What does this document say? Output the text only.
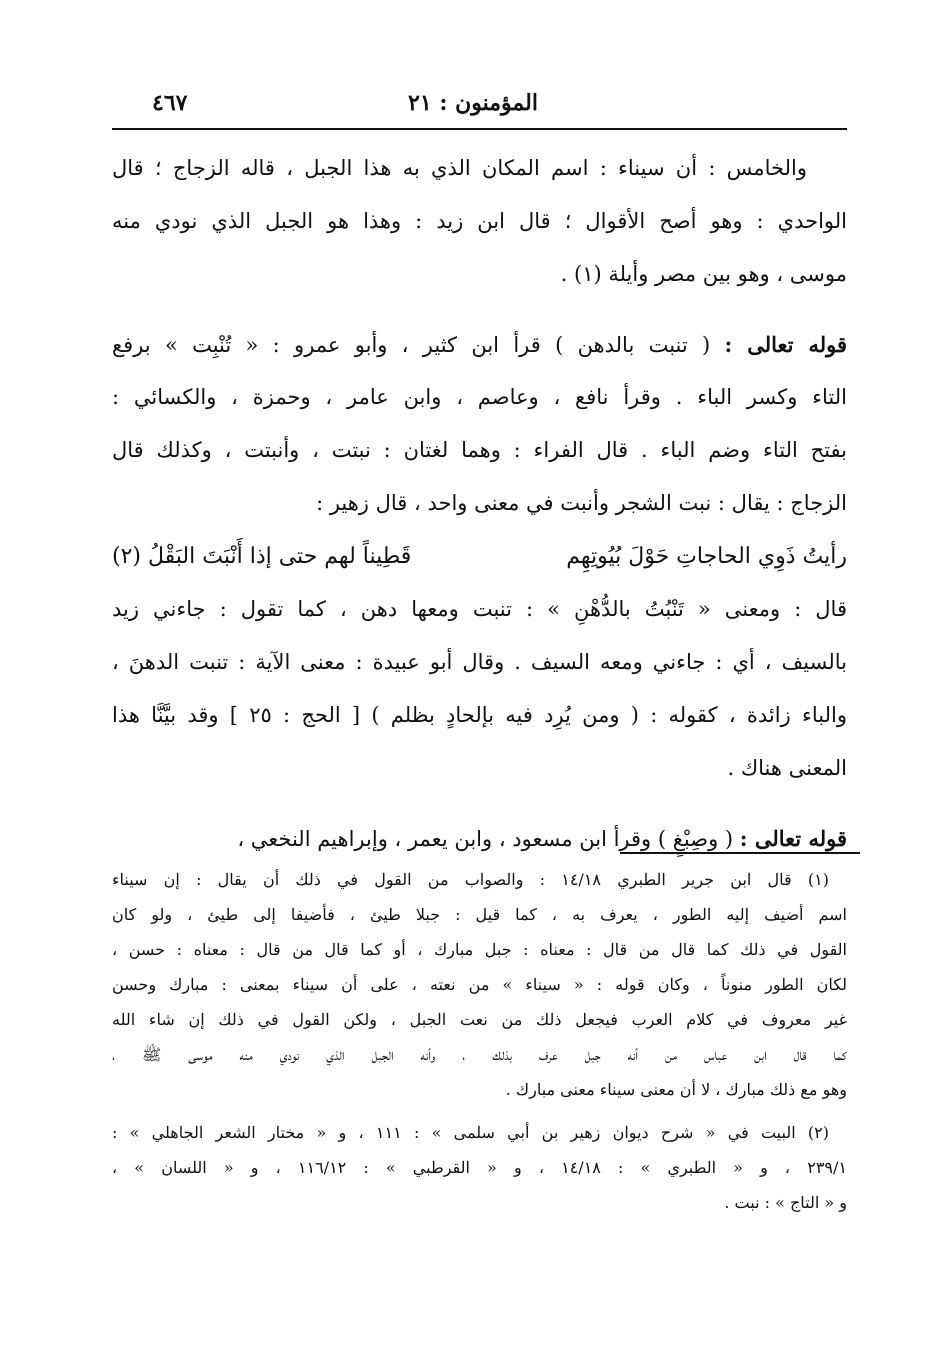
المؤمنون : ٢١
٤٦٧
والخامس : أن سيناء : اسم المكان الذي به هذا الجبل ، قاله الزجاج ؛ قال
الواحدي : وهو أصح الأقوال ؛ قال ابن زيد : وهذا هو الجبل الذي نودي منه
موسى ، وهو بين مصر وأيلة (١) .
قوله تعالى : ( تنبت بالدهن ) قرأ ابن كثير ، وأبو عمرو : « تُنْبِت » برفع
التاء وكسر الباء . وقرأ نافع ، وعاصم ، وابن عامر ، وحمزة ، والكسائي :
بفتح التاء وضم الباء . قال الفراء : وهما لغتان : نبتت ، وأنبتت ، وكذلك قال
الزجاج : يقال : نبت الشجر وأنبت في معنى واحد ، قال زهير :
رأيتُ ذَوِي الحاجاتِ حَوْلَ بُيُوتِهِم
قَطِيناً لهم حتى إذا أَنْبَتَ البَقْلُ (٢)
قال : ومعنى « تَنْبُتُ بالدُّهْنِ » : تنبت ومعها دهن ، كما تقول : جاءني زيد
بالسيف ، أي : جاءني ومعه السيف . وقال أبو عبيدة : معنى الآية : تنبت الدهنَ ،
والباء زائدة ، كقوله : ( ومن يُرِد فيه بإلحادٍ بظلم ) [ الحج : ٢٥ ] وقد بيَّنَّا هذا
المعنى هناك .
قوله تعالى : ( وصِبْغٍ ) وقرأ ابن مسعود ، وابن يعمر ، وإبراهيم النخعي ،
(١) قال ابن جرير الطبري ١٤/١٨ : والصواب من القول في ذلك أن يقال : إن سيناء
اسم أضيف إليه الطور ، يعرف به ، كما قيل : جبلا طيئ ، فأضيفا إلى طيئ ، ولو كان
القول في ذلك كما قال من قال : معناه : جبل مبارك ، أو كما قال من قال : معناه : حسن ،
لكان الطور منوناً ، وكان قوله : « سيناء » من نعته ، على أن سيناء بمعنى : مبارك وحسن
غير معروف في كلام العرب فيجعل ذلك من نعت الجبل ، ولكن القول في ذلك إن شاء الله
كما قال ابن عباس من أنه جبل عرف بذلك ، وأنه الجبل الذي نودي منه موسى ﷺ ،
وهو مع ذلك مبارك ، لا أن معنى سيناء معنى مبارك .
(٢) البيت في « شرح ديوان زهير بن أبي سلمى » : ١١١ ، و « مختار الشعر الجاهلي » :
٢٣٩/١ ، و « الطبري » : ١٤/١٨ ، و « القرطبي » : ١١٦/١٢ ، و « اللسان » ،
و « التاج » : نبت .
